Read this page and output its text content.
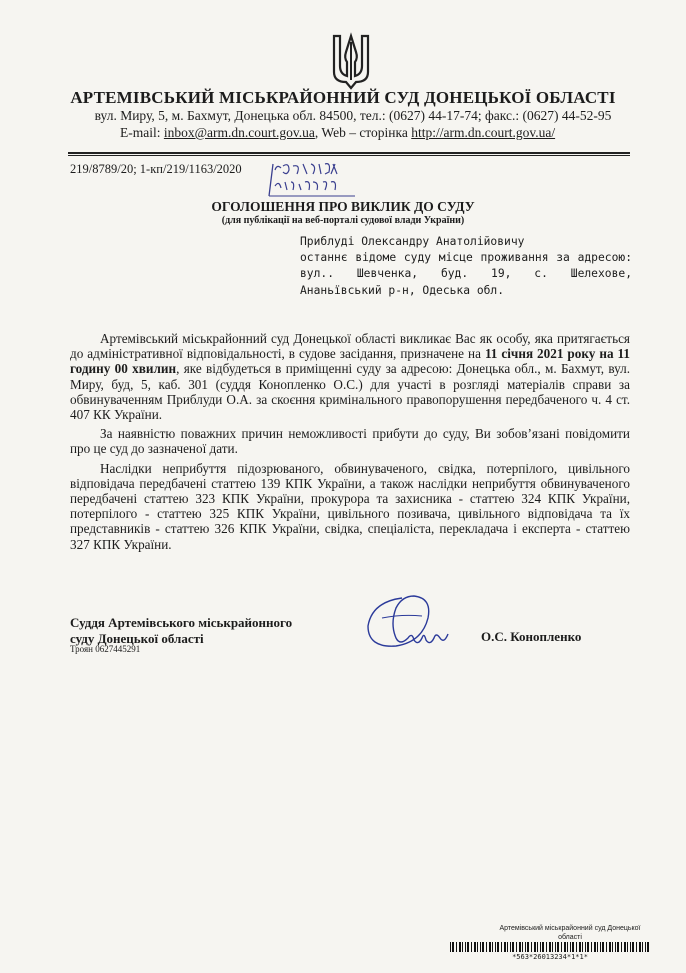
АРТЕМІВСЬКИЙ МІСЬКРАЙОННИЙ СУД ДОНЕЦЬКОЇ ОБЛАСТІ
вул. Миру, 5, м. Бахмут, Донецька обл. 84500, тел.: (0627) 44-17-74; факс.: (0627) 44-52-95
E-mail: inbox@arm.dn.court.gov.ua, Web – сторінка http://arm.dn.court.gov.ua/
219/8789/20; 1-кп/219/1163/2020
ОГОЛОШЕННЯ ПРО ВИКЛИК ДО СУДУ
(для публікації на веб-порталі судової влади України)

Приблуді Олександру Анатолійовичу

останнє відоме суду місце проживання за адресою: вул.. Шевченка, буд. 19, с. Шелехове, Ананьївський р-н, Одеська обл.

Артемівський міськрайонний суд Донецької області викликає Вас як особу, яка притягається до адміністративної відповідальності, в судове засідання, призначене на 11 січня 2021 року на 11 годину 00 хвилин, яке відбудеться в приміщенні суду за адресою: Донецька обл., м. Бахмут, вул. Миру, буд, 5, каб. 301 (суддя Конопленко О.С.) для участі в розгляді матеріалів справи за обвинуваченням Приблуди О.А. за скоєння кримінального правопорушення передбаченого ч. 4 ст. 407 КК України.

За наявністю поважних причин неможливості прибути до суду, Ви зобов’язані повідомити про це суд до зазначеної дати.

Наслідки неприбуття підозрюваного, обвинуваченого, свідка, потерпілого, цивільного відповідача передбачені статтею 139 КПК України, а також наслідки неприбуття обвинуваченого передбачені статтею 323 КПК України, прокурора та захисника - статтею 324 КПК України, потерпілого - статтею 325 КПК України, цивільного позивача, цивільного відповідача та їх представників - статтею 326 КПК України, свідка, спеціаліста, перекладача і експерта - статтею 327 КПК України.

Суддя Артемівського міськрайонного
суду Донецької області
Троян 0627445291
О.С. Конопленко
Артемівський міськрайонний суд Донецької області
*563*26013234*1*1*
